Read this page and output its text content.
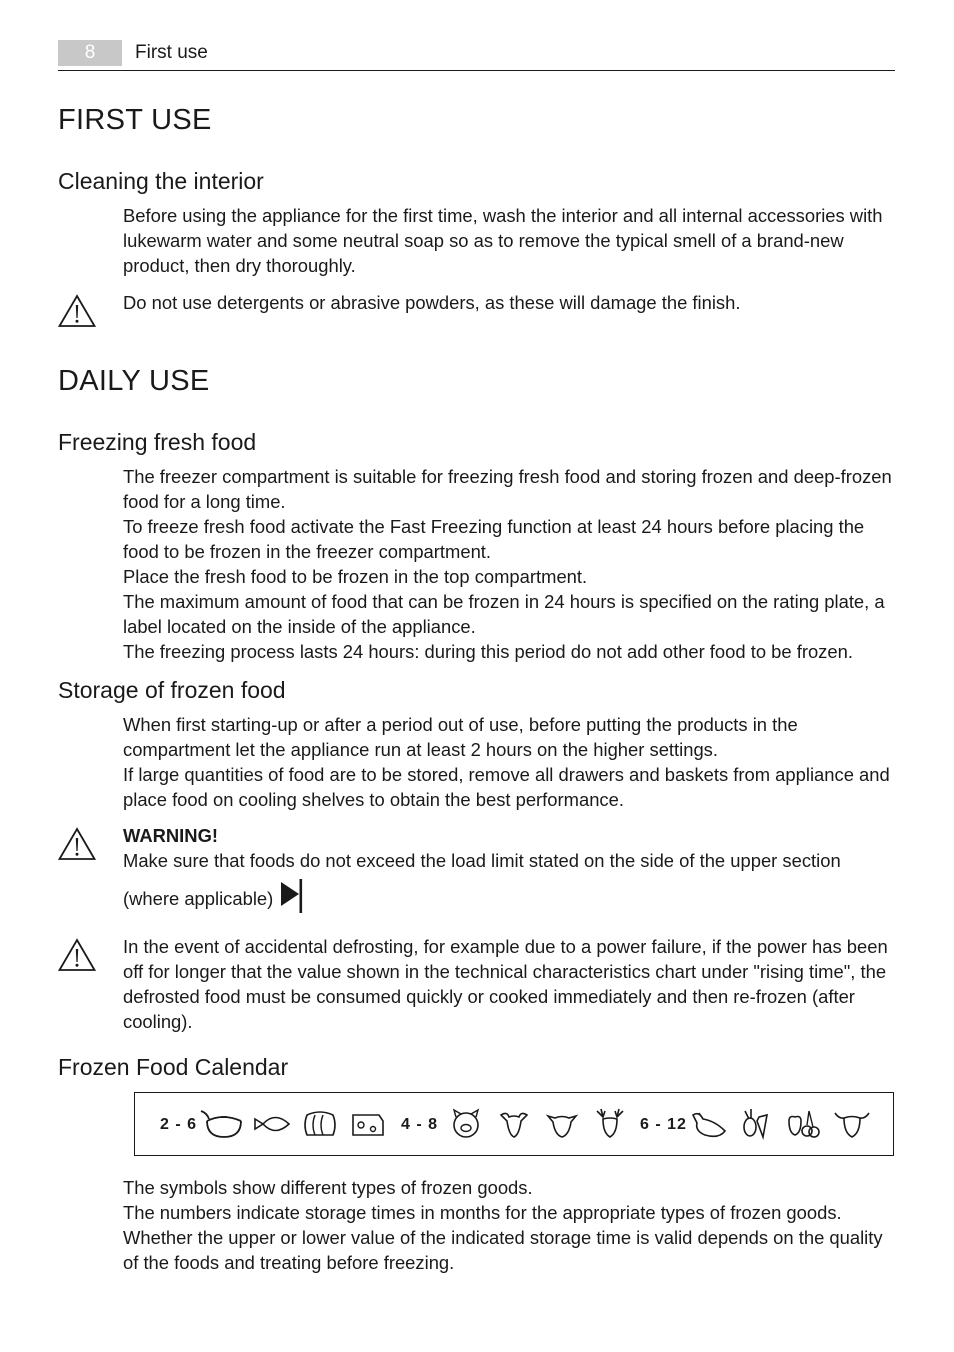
8	First use
FIRST USE
Cleaning the interior

Before using the appliance for the first time, wash the interior and all internal accessories with lukewarm water and some neutral soap so as to remove the typical smell of a brand-new product, then dry thoroughly.

Do not use detergents or abrasive powders, as these will damage the finish.

DAILY USE
Freezing fresh food

The freezer compartment is suitable for freezing fresh food and storing frozen and deep-frozen food for a long time.

To freeze fresh food activate the Fast Freezing function at least 24 hours before placing the food to be frozen in the freezer compartment.

Place the fresh food to be frozen in the top compartment.

The maximum amount of food that can be frozen in 24 hours is specified on the rating plate, a label located on the inside of the appliance.

The freezing process lasts 24 hours: during this period do not add other food to be frozen.

Storage of frozen food

When first starting-up or after a period out of use, before putting the products in the compartment let the appliance run at least 2 hours on the higher settings.

If large quantities of food are to be stored, remove all drawers and baskets from appliance and place food on cooling shelves to obtain the best performance.

WARNING!

Make sure that foods do not exceed the load limit stated on the side of the upper section

(where applicable)

In the event of accidental defrosting, for example due to a power failure, if the power has been off for longer that the value shown in the technical characteristics chart under "rising time", the defrosted food must be consumed quickly or cooked immediately and then re-frozen (after cooling).

Frozen Food Calendar
2 - 6	4 - 8	6 - 12

The symbols show different types of frozen goods.

The numbers indicate storage times in months for the appropriate types of frozen goods. Whether the upper or lower value of the indicated storage time is valid depends on the quality of the foods and treating before freezing.
